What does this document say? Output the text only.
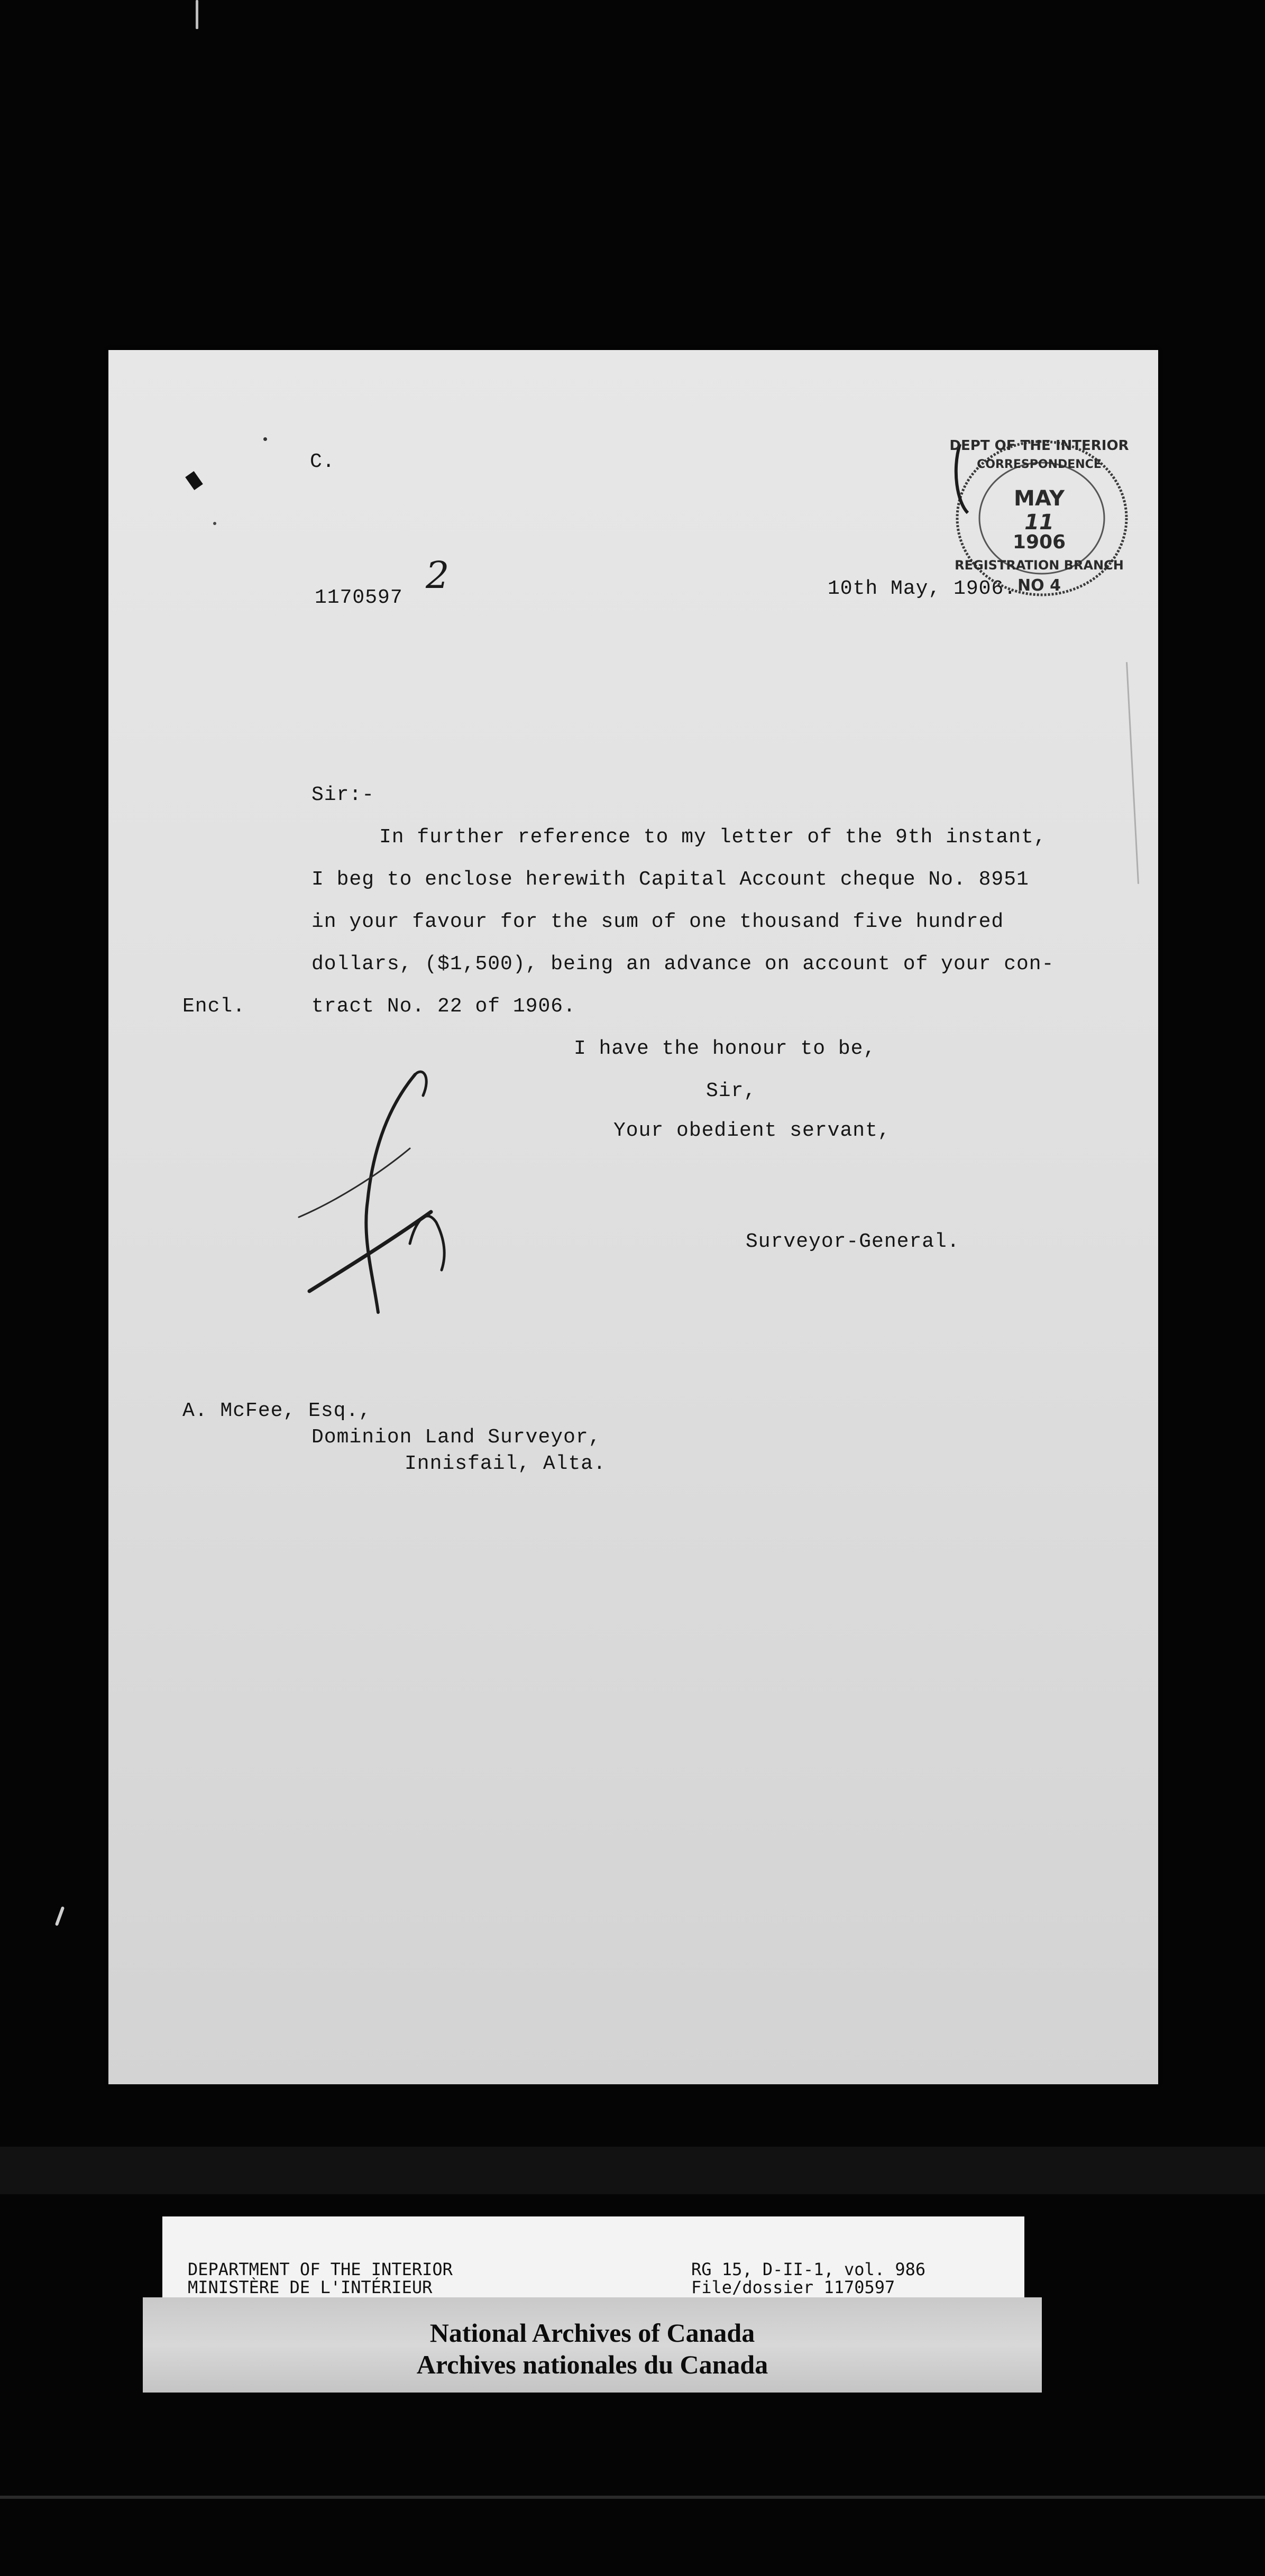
C.
1170597
2	10th May, 1906.
Sir:-
In further reference to my letter of the 9th instant,
I beg to enclose herewith Capital Account cheque No. 8951
in your favour for the sum of one thousand five hundred
dollars, ($1,500), being an advance on account of your con-
tract No. 22 of 1906.
Encl.
I have the honour to be,
Sir,
Your obedient servant,
Surveyor-General.
A. McFee, Esq.,
Dominion Land Surveyor,
Innisfail, Alta.
DEPT OF THE INTERIOR
CORRESPONDENCE
MAY
11
1906
REGISTRATION BRANCH
NO 4
DEPARTMENT OF THE INTERIOR
MINISTÈRE DE L'INTÉRIEUR
RG 15, D-II-1, vol. 986
File/dossier 1170597
National Archives of Canada
Archives nationales du Canada
